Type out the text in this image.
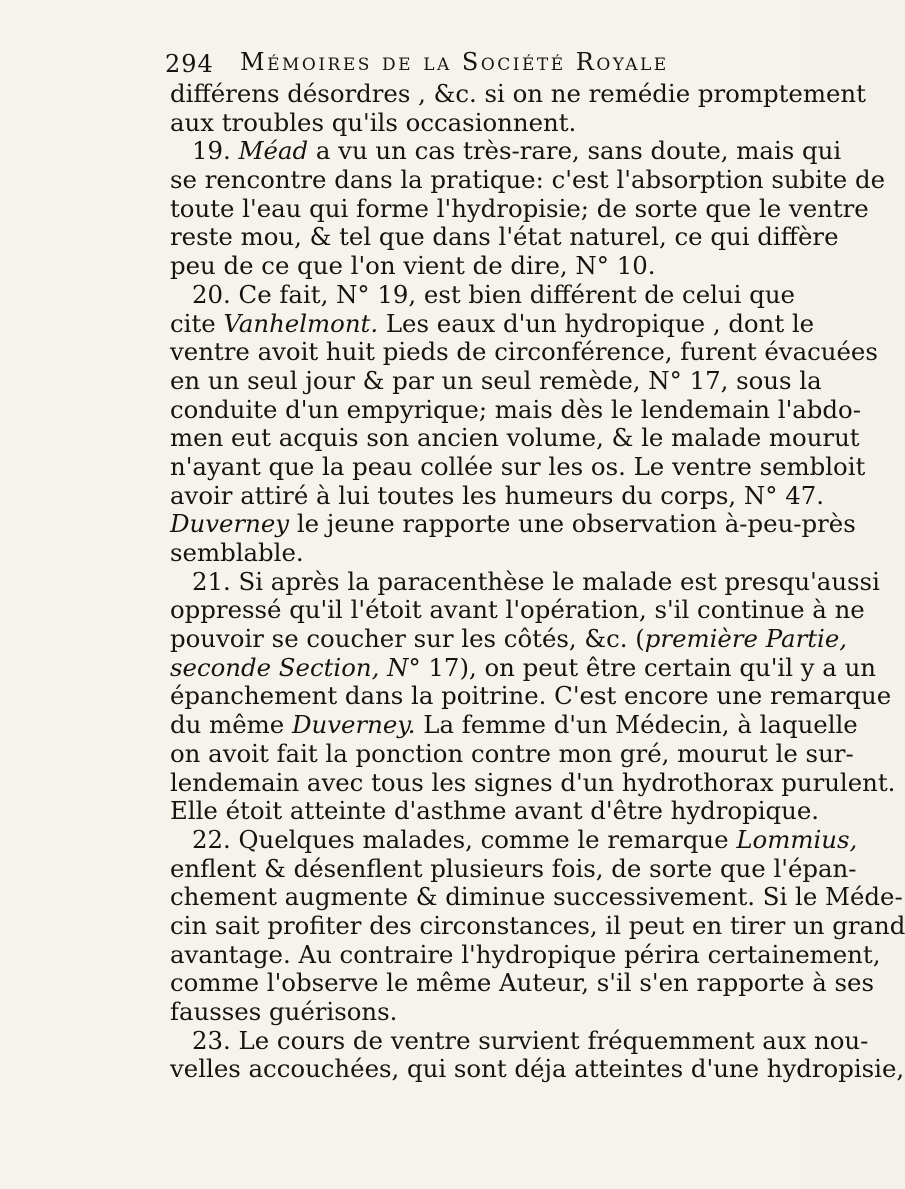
294 Mémoires de la Société Royale
différens désordres , &c. si on ne remédie promptement
aux troubles qu'ils occasionnent.
19. Méad a vu un cas très-rare, sans doute, mais qui
se rencontre dans la pratique: c'est l'absorption subite de
toute l'eau qui forme l'hydropisie; de sorte que le ventre
reste mou, & tel que dans l'état naturel, ce qui diffère
peu de ce que l'on vient de dire, N° 10.
20. Ce fait, N° 19, est bien différent de celui que
cite Vanhelmont. Les eaux d'un hydropique , dont le
ventre avoit huit pieds de circonférence, furent évacuées
en un seul jour & par un seul remède, N° 17, sous la
conduite d'un empyrique; mais dès le lendemain l'abdo-
men eut acquis son ancien volume, & le malade mourut
n'ayant que la peau collée sur les os. Le ventre sembloit
avoir attiré à lui toutes les humeurs du corps, N° 47.
Duverney le jeune rapporte une observation à-peu-près
semblable.
21. Si après la paracenthèse le malade est presqu'aussi
oppressé qu'il l'étoit avant l'opération, s'il continue à ne
pouvoir se coucher sur les côtés, &c. (première Partie,
seconde Section, N° 17), on peut être certain qu'il y a un
épanchement dans la poitrine. C'est encore une remarque
du même Duverney. La femme d'un Médecin, à laquelle
on avoit fait la ponction contre mon gré, mourut le sur-
lendemain avec tous les signes d'un hydrothorax purulent.
Elle étoit atteinte d'asthme avant d'être hydropique.
22. Quelques malades, comme le remarque Lommius,
enflent & désenflent plusieurs fois, de sorte que l'épan-
chement augmente & diminue successivement. Si le Méde-
cin sait profiter des circonstances, il peut en tirer un grand
avantage. Au contraire l'hydropique périra certainement,
comme l'observe le même Auteur, s'il s'en rapporte à ses
fausses guérisons.
23. Le cours de ventre survient fréquemment aux nou-
velles accouchées, qui sont déja atteintes d'une hydropisie,
